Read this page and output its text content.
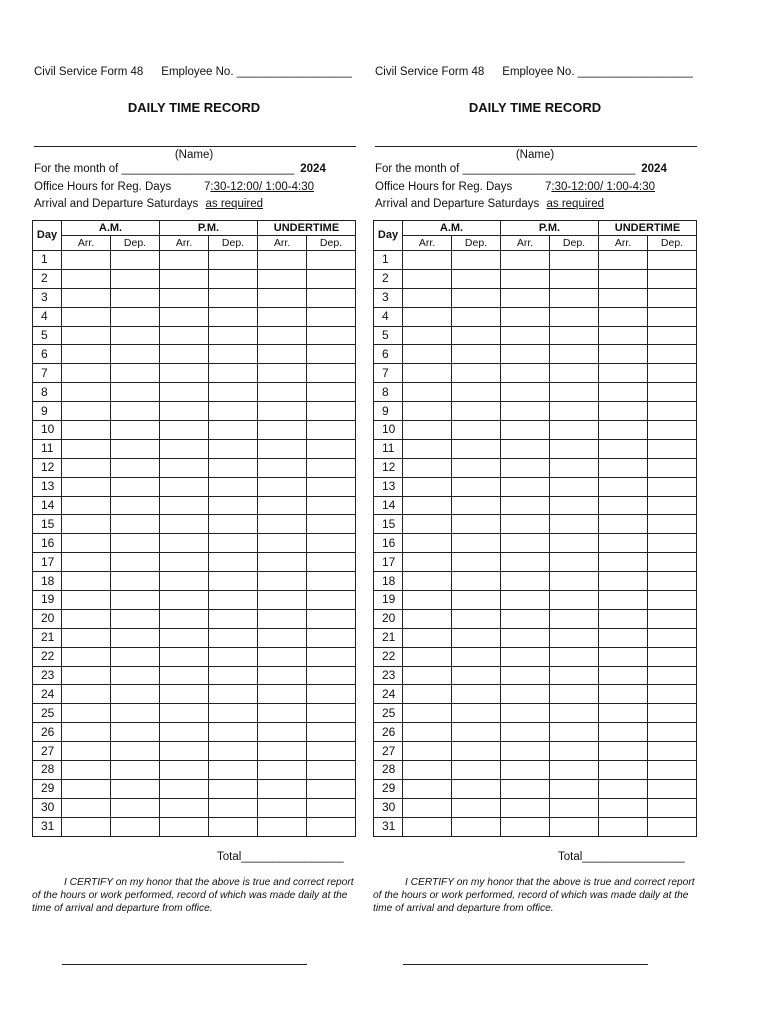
Civil Service Form 48 Employee No. __________________
DAILY TIME RECORD
(Name)
For the month of ___________________________ 2024
Office Hours for Reg. Days	7:30-12:00/ 1:00-4:30
Arrival and Departure Saturdays as required
Day	A.M.		P.M.		UNDERTIME	
	Arr.	Dep.	Arr.	Dep.	Arr.	Dep.
1						
2						
3						
4						
5						
6						
7						
8						
9						
10						
11						
12						
13						
14						
15						
16						
17						
18						
19						
20						
21						
22						
23						
24						
25						
26						
27						
28						
29						
30						
31						
Total________________
I CERTIFY on my honor that the above is true and correct report of the hours or work performed, record of which was made daily at the time of arrival and departure from office.
Civil Service Form 48 Employee No. __________________
DAILY TIME RECORD
(Name)
For the month of ___________________________ 2024
Office Hours for Reg. Days	7:30-12:00/ 1:00-4:30
Arrival and Departure Saturdays as required
Day	A.M.		P.M.		UNDERTIME	
	Arr.	Dep.	Arr.	Dep.	Arr.	Dep.
1						
2						
3						
4						
5						
6						
7						
8						
9						
10						
11						
12						
13						
14						
15						
16						
17						
18						
19						
20						
21						
22						
23						
24						
25						
26						
27						
28						
29						
30						
31						
Total________________
I CERTIFY on my honor that the above is true and correct report of the hours or work performed, record of which was made daily at the time of arrival and departure from office.
